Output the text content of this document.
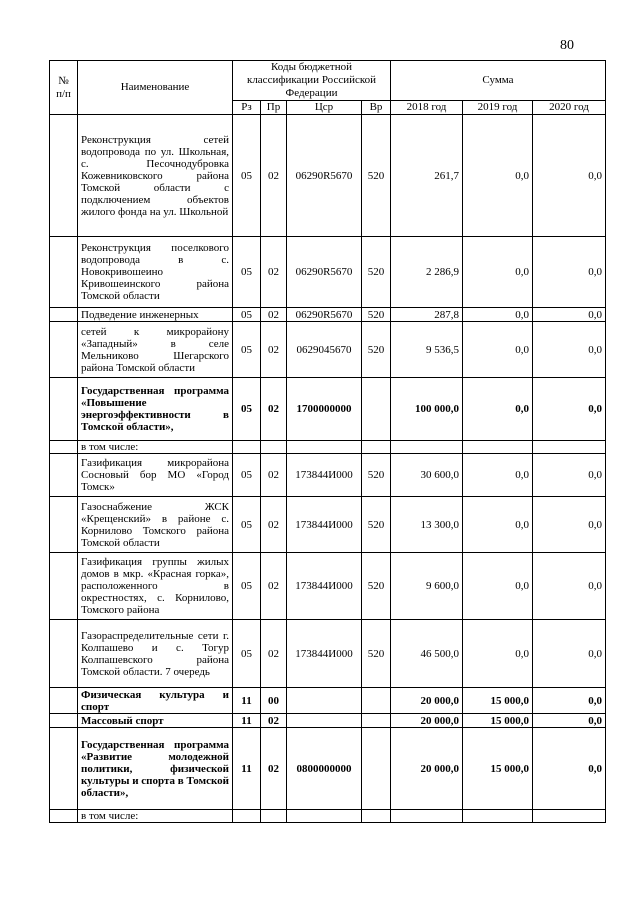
80
№ п/п	Наименование	Коды бюджетной классификации Российской Федерации				Сумма		
		Рз	Пр	Цср	Вр	2018 год	2019 год	2020 год
	Реконструкция сетей водопровода по ул. Школьная, с. Песочнодубровка Кожевниковского района Томской области с подключением объектов жилого фонда на ул. Школьной	05	02	06290R5670	520	261,7	0,0	0,0
	Реконструкция поселкового водопровода в с. Новокривошеино Кривошеинского района Томской области	05	02	06290R5670	520	2 286,9	0,0	0,0
	Подведение инженерных	05	02	06290R5670	520	287,8	0,0	0,0
	сетей к микрорайону «Западный» в селе Мельниково Шегарского района Томской области	05	02	0629045670	520	9 536,5	0,0	0,0
	Государственная программа «Повышение энергоэффективности в Томской области»,	05	02	1700000000		100 000,0	0,0	0,0
	в том числе:							
	Газификация микрорайона Сосновый бор МО «Город Томск»	05	02	173844И000	520	30 600,0	0,0	0,0
	Газоснабжение ЖСК «Крещенский» в районе с. Корнилово Томского района Томской области	05	02	173844И000	520	13 300,0	0,0	0,0
	Газификация группы жилых домов в мкр. «Красная горка», расположенного в окрестностях, с. Корнилово, Томского района	05	02	173844И000	520	9 600,0	0,0	0,0
	Газораспределительные сети г. Колпашево и с. Тогур Колпашевского района Томской области. 7 очередь	05	02	173844И000	520	46 500,0	0,0	0,0
	Физическая культура и спорт	11	00			20 000,0	15 000,0	0,0
	Массовый спорт	11	02			20 000,0	15 000,0	0,0
	Государственная программа «Развитие молодежной политики, физической культуры и спорта в Томской области»,	11	02	0800000000		20 000,0	15 000,0	0,0
	в том числе:							
